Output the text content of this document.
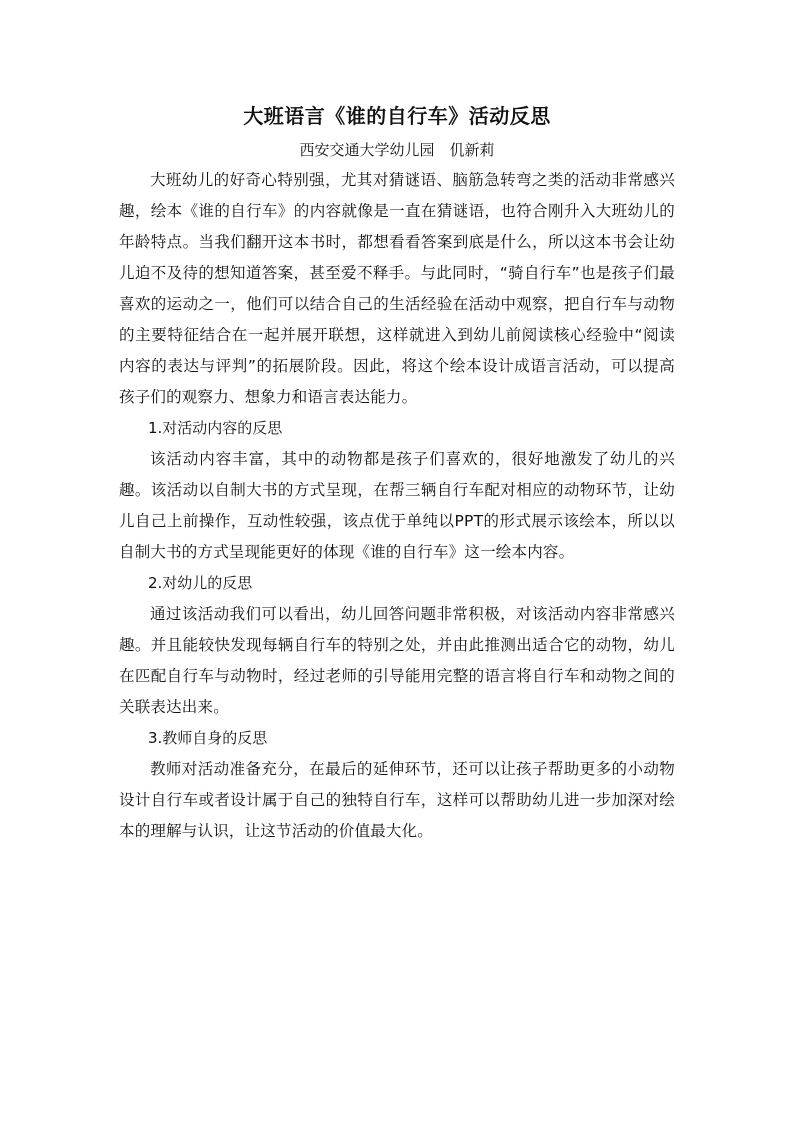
大班语言《谁的自行车》活动反思

西安交通大学幼儿园　仉新莉

大班幼儿的好奇心特别强，尤其对猜谜语、脑筋急转弯之类的活动非常感兴趣，绘本《谁的自行车》的内容就像是一直在猜谜语，也符合刚升入大班幼儿的年龄特点。当我们翻开这本书时，都想看看答案到底是什么，所以这本书会让幼儿迫不及待的想知道答案，甚至爱不释手。与此同时，“骑自行车”也是孩子们最喜欢的运动之一，他们可以结合自己的生活经验在活动中观察，把自行车与动物的主要特征结合在一起并展开联想，这样就进入到幼儿前阅读核心经验中“阅读内容的表达与评判”的拓展阶段。因此，将这个绘本设计成语言活动，可以提高孩子们的观察力、想象力和语言表达能力。

1.对活动内容的反思

该活动内容丰富，其中的动物都是孩子们喜欢的，很好地激发了幼儿的兴趣。该活动以自制大书的方式呈现，在帮三辆自行车配对相应的动物环节，让幼儿自己上前操作，互动性较强，该点优于单纯以PPT的形式展示该绘本，所以以自制大书的方式呈现能更好的体现《谁的自行车》这一绘本内容。

2.对幼儿的反思

通过该活动我们可以看出，幼儿回答问题非常积极，对该活动内容非常感兴趣。并且能较快发现每辆自行车的特别之处，并由此推测出适合它的动物，幼儿在匹配自行车与动物时，经过老师的引导能用完整的语言将自行车和动物之间的关联表达出来。

3.教师自身的反思

教师对活动准备充分，在最后的延伸环节，还可以让孩子帮助更多的小动物设计自行车或者设计属于自己的独特自行车，这样可以帮助幼儿进一步加深对绘本的理解与认识，让这节活动的价值最大化。
